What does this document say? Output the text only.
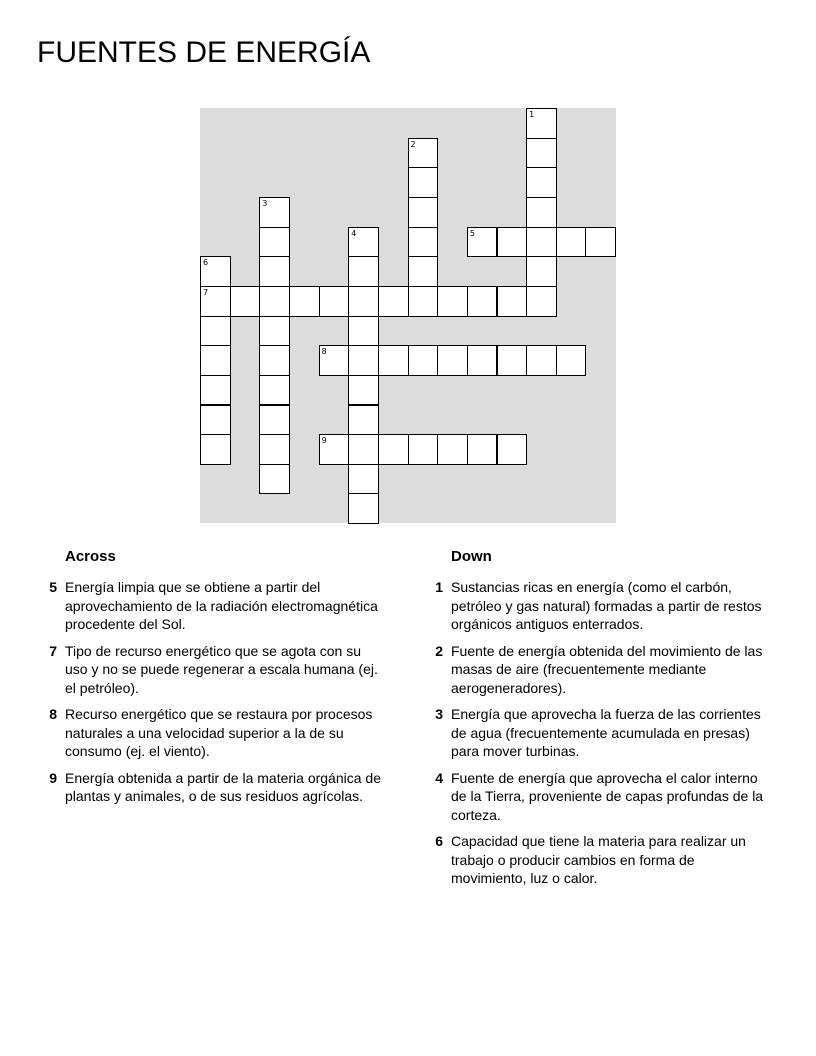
FUENTES DE ENERGÍA
1
2
3
4	5
6
7
8
9
Across
5 Energía limpia que se obtiene a partir del aprovechamiento de la radiación electromagnética procedente del Sol.
7 Tipo de recurso energético que se agota con su uso y no se puede regenerar a escala humana (ej. el petróleo).
8 Recurso energético que se restaura por procesos naturales a una velocidad superior a la de su consumo (ej. el viento).
9 Energía obtenida a partir de la materia orgánica de plantas y animales, o de sus residuos agrícolas.
Down
1 Sustancias ricas en energía (como el carbón, petróleo y gas natural) formadas a partir de restos orgánicos antiguos enterrados.
2 Fuente de energía obtenida del movimiento de las masas de aire (frecuentemente mediante aerogeneradores).
3 Energía que aprovecha la fuerza de las corrientes de agua (frecuentemente acumulada en presas) para mover turbinas.
4 Fuente de energía que aprovecha el calor interno de la Tierra, proveniente de capas profundas de la corteza.
6 Capacidad que tiene la materia para realizar un trabajo o producir cambios en forma de movimiento, luz o calor.
